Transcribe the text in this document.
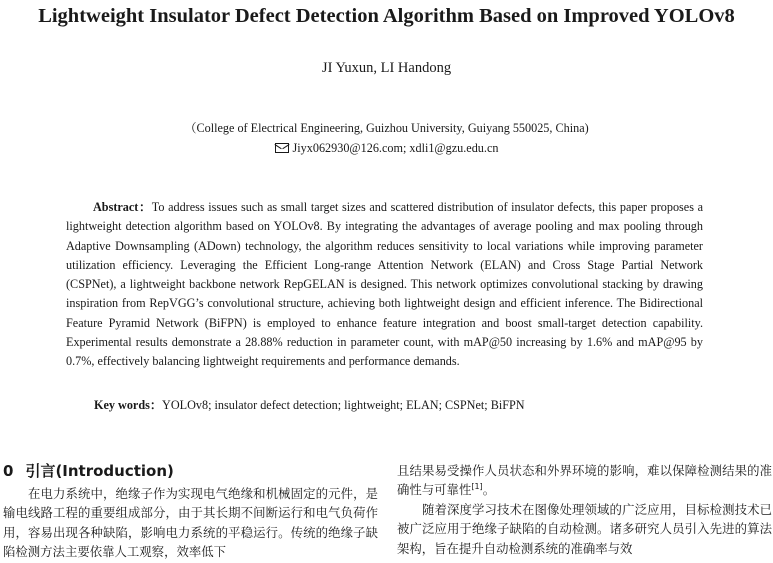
Lightweight Insulator Defect Detection Algorithm Based on Improved YOLOv8
JI Yuxun, LI Handong
（College of Electrical Engineering, Guizhou University, Guiyang 550025, China)
Jiyx062930@126.com; xdli1@gzu.edu.cn
Abstract：To address issues such as small target sizes and scattered distribution of insulator defects, this paper proposes a lightweight detection algorithm based on YOLOv8. By integrating the advantages of average pooling and max pooling through Adaptive Downsampling (ADown) technology, the algorithm reduces sensitivity to local variations while improving parameter utilization efficiency. Leveraging the Efficient Long-range Attention Network (ELAN) and Cross Stage Partial Network (CSPNet), a lightweight backbone network RepGELAN is designed. This network optimizes convolutional stacking by drawing inspiration from RepVGG’s convolutional structure, achieving both lightweight design and efficient inference. The Bidirectional Feature Pyramid Network (BiFPN) is employed to enhance feature integration and boost small-target detection capability. Experimental results demonstrate a 28.88% reduction in parameter count, with mAP@50 increasing by 1.6% and mAP@95 by 0.7%, effectively balancing lightweight requirements and performance demands.
Key words：YOLOv8; insulator defect detection; lightweight; ELAN; CSPNet; BiFPN
0 引言(Introduction)

在电力系统中，绝缘子作为实现电气绝缘和机械固定的元件，是输电线路工程的重要组成部分，由于其长期不间断运行和电气负荷作用，容易出现各种缺陷，影响电力系统的平稳运行。传统的绝缘子缺陷检测方法主要依靠人工观察，效率低下

且结果易受操作人员状态和外界环境的影响，难以保障检测结果的准确性与可靠性[1]。

随着深度学习技术在图像处理领域的广泛应用，目标检测技术已被广泛应用于绝缘子缺陷的自动检测。诸多研究人员引入先进的算法架构，旨在提升自动检测系统的准确率与效
